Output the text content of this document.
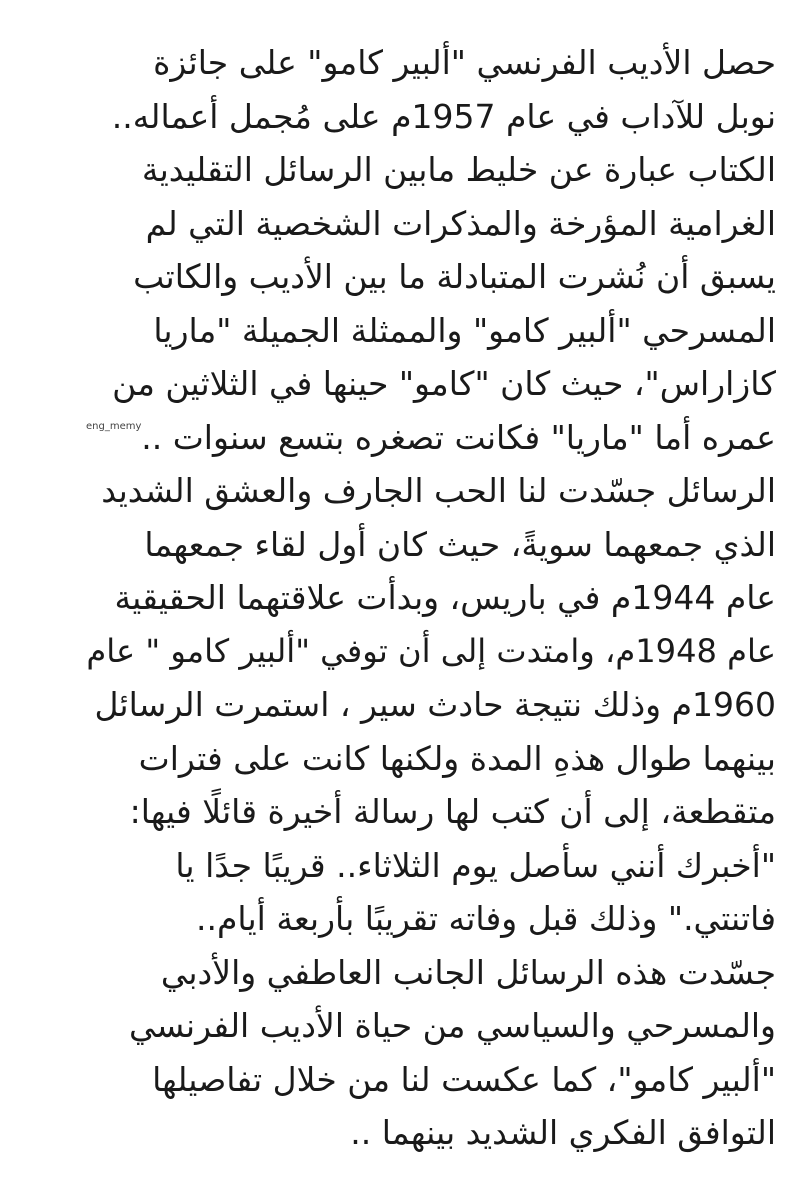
حصل الأديب الفرنسي "ألبير كامو" على جائزة
نوبل للآداب في عام 1957م على مُجمل أعماله..
الكتاب عبارة عن خليط مابين الرسائل التقليدية
الغرامية المؤرخة والمذكرات الشخصية التي لم
يسبق أن نُشرت المتبادلة ما بين الأديب والكاتب
المسرحي "ألبير كامو" والممثلة الجميلة "ماريا
كازاراس"، حيث كان "كامو" حينها في الثلاثين من
عمره أما "ماريا" فكانت تصغره بتسع سنوات ..
الرسائل جسّدت لنا الحب الجارف والعشق الشديد
الذي جمعهما سويةً، حيث كان أول لقاء جمعهما
عام 1944م في باريس، وبدأت علاقتهما الحقيقية
عام 1948م، وامتدت إلى أن توفي "ألبير كامو " عام
1960م وذلك نتيجة حادث سير ، استمرت الرسائل
بينهما طوال هذهِ المدة ولكنها كانت على فترات
متقطعة، إلى أن كتب لها رسالة أخيرة قائلًا فيها:
"أخبرك أنني سأصل يوم الثلاثاء.. قريبًا جدًا يا
فاتنتي." وذلك قبل وفاته تقريبًا بأربعة أيام..
جسّدت هذه الرسائل الجانب العاطفي والأدبي
والمسرحي والسياسي من حياة الأديب الفرنسي
"ألبير كامو"، كما عكست لنا من خلال تفاصيلها
التوافق الفكري الشديد بينهما ..
eng_memy
